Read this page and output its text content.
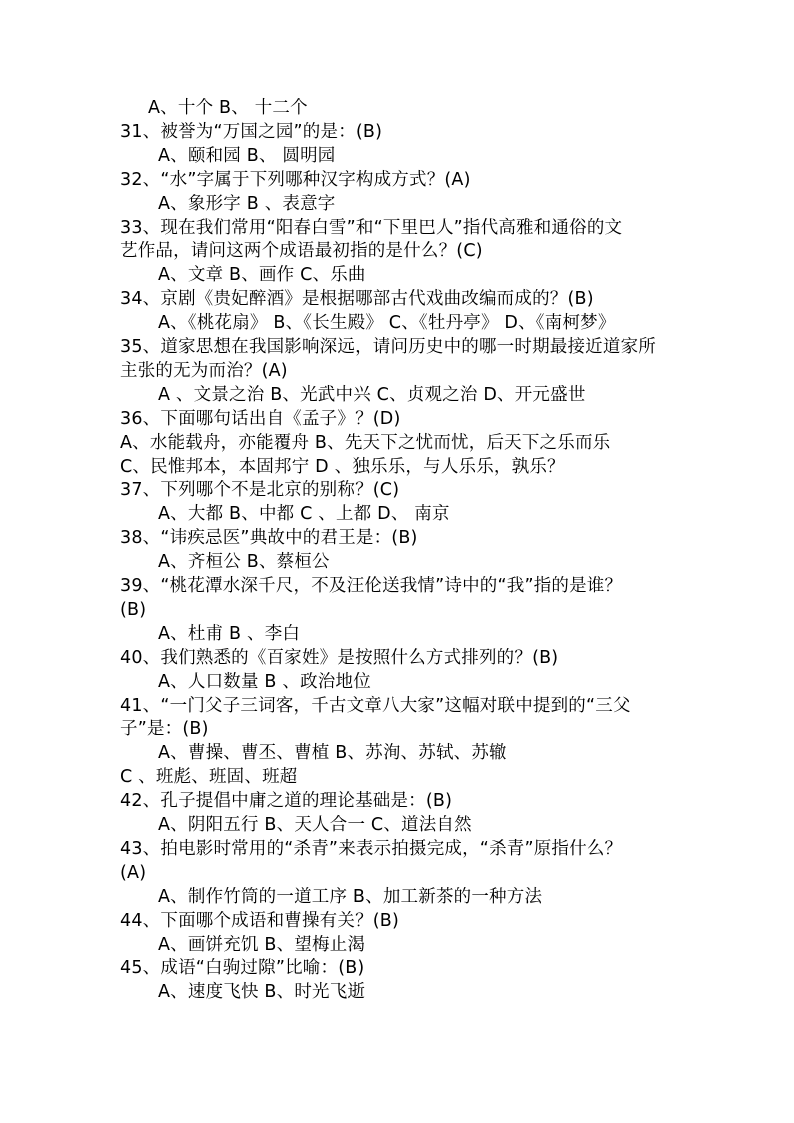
A、十个 B、 十二个
31、被誉为“万国之园”的是：(B)
A、颐和园 B、 圆明园
32、“水”字属于下列哪种汉字构成方式？(A)
A、象形字 B 、表意字
33、现在我们常用“阳春白雪”和“下里巴人”指代高雅和通俗的文
艺作品，请问这两个成语最初指的是什么？(C)
A、文章 B、画作 C、乐曲
34、京剧《贵妃醉酒》是根据哪部古代戏曲改编而成的？(B)
A、《桃花扇》 B、《长生殿》 C、《牡丹亭》 D、《南柯梦》
35、道家思想在我国影响深远，请问历史中的哪一时期最接近道家所
主张的无为而治？(A)
A 、文景之治 B、光武中兴 C、贞观之治 D、开元盛世
36、下面哪句话出自《孟子》？(D)
A、水能载舟，亦能覆舟 B、先天下之忧而忧，后天下之乐而乐
C、民惟邦本，本固邦宁 D 、独乐乐，与人乐乐，孰乐？
37、下列哪个不是北京的别称？(C)
A、大都 B、中都 C 、上都 D、 南京
38、“讳疾忌医”典故中的君王是：(B)
A、齐桓公 B、蔡桓公
39、“桃花潭水深千尺，不及汪伦送我情”诗中的“我”指的是谁？
(B)
A、杜甫 B 、李白
40、我们熟悉的《百家姓》是按照什么方式排列的？(B)
A、人口数量 B 、政治地位
41、“一门父子三词客，千古文章八大家”这幅对联中提到的“三父
子”是：(B)
A、曹操、曹丕、曹植 B、苏洵、苏轼、苏辙
C 、班彪、班固、班超
42、孔子提倡中庸之道的理论基础是：(B)
A、阴阳五行 B、天人合一 C、道法自然
43、拍电影时常用的“杀青”来表示拍摄完成，“杀青”原指什么？
(A)
A、制作竹筒的一道工序 B、加工新茶的一种方法
44、下面哪个成语和曹操有关？(B)
A、画饼充饥 B、望梅止渴
45、成语“白驹过隙”比喻：(B)
A、速度飞快 B、时光飞逝
